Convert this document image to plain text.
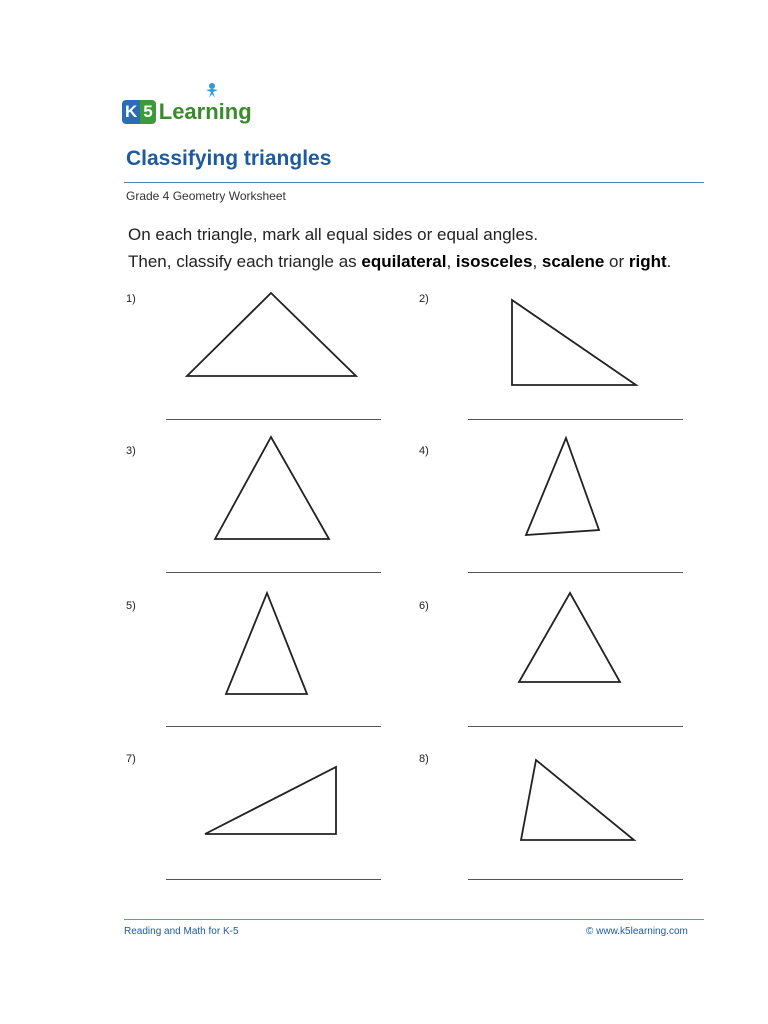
K 5 Learning
Classifying triangles
Grade 4 Geometry Worksheet
On each triangle, mark all equal sides or equal angles.
Then, classify each triangle as equilateral, isosceles, scalene or right.
1)	2)
3)	4)
5)	6)
7)	8)
Reading and Math for K-5	© www.k5learning.com
